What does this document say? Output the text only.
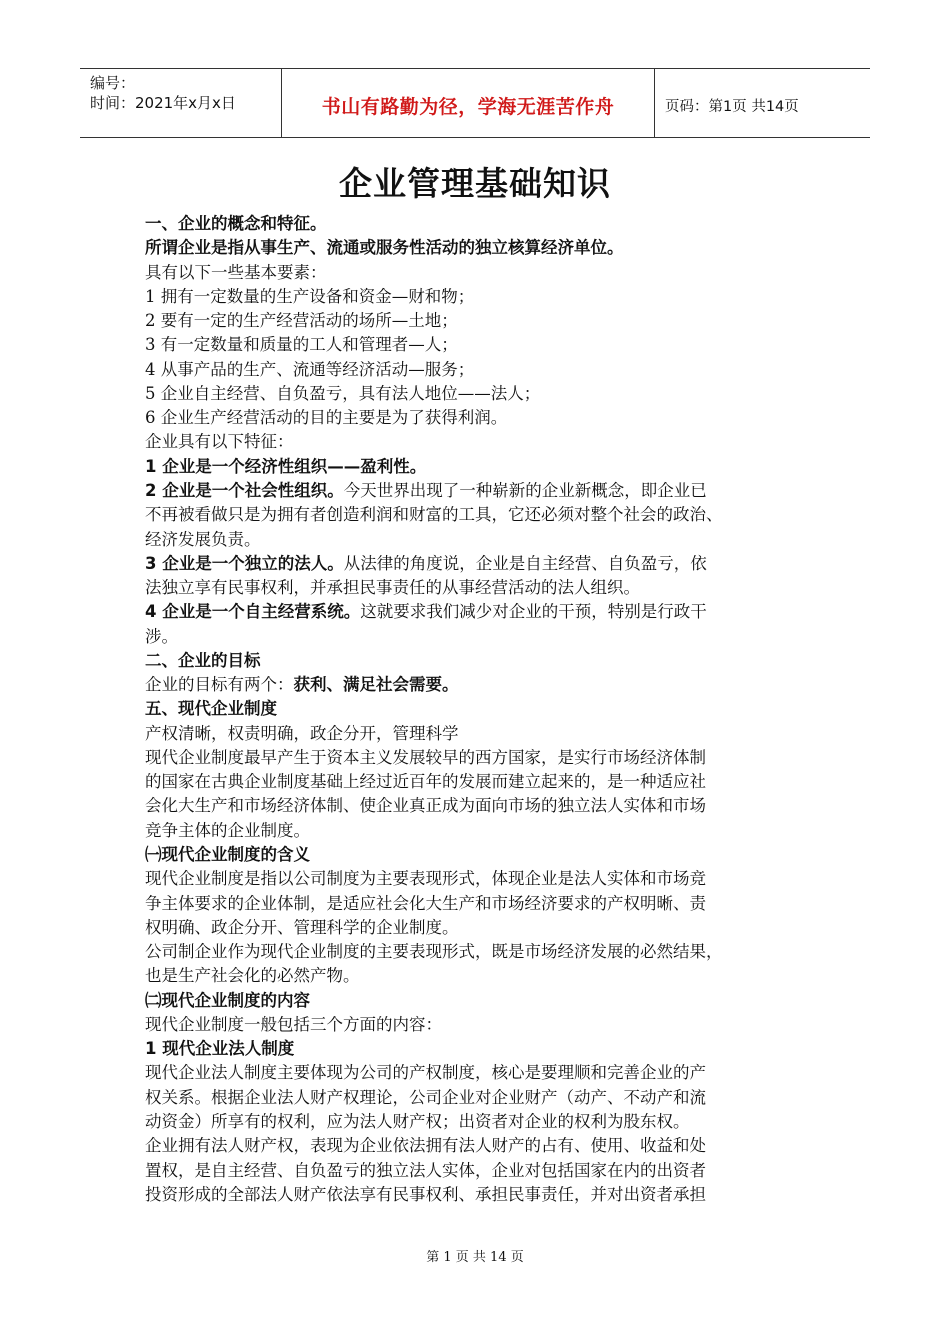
编号：
时间：2021年x月x日	书山有路勤为径，学海无涯苦作舟	页码：第1页 共14页
企业管理基础知识
一、企业的概念和特征。
所谓企业是指从事生产、流通或服务性活动的独立核算经济单位。
具有以下一些基本要素：
1 拥有一定数量的生产设备和资金—财和物；
2 要有一定的生产经营活动的场所—土地；
3 有一定数量和质量的工人和管理者—人；
4 从事产品的生产、流通等经济活动—服务；
5 企业自主经营、自负盈亏，具有法人地位——法人；
6 企业生产经营活动的目的主要是为了获得利润。
企业具有以下特征：
1 企业是一个经济性组织——盈利性。
2 企业是一个社会性组织。今天世界出现了一种崭新的企业新概念，即企业已
不再被看做只是为拥有者创造利润和财富的工具，它还必须对整个社会的政治、
经济发展负责。
3 企业是一个独立的法人。从法律的角度说，企业是自主经营、自负盈亏，依
法独立享有民事权利，并承担民事责任的从事经营活动的法人组织。
4 企业是一个自主经营系统。这就要求我们减少对企业的干预，特别是行政干
涉。
二、企业的目标
企业的目标有两个：获利、满足社会需要。
五、现代企业制度
产权清晰，权责明确，政企分开，管理科学
现代企业制度最早产生于资本主义发展较早的西方国家，是实行市场经济体制
的国家在古典企业制度基础上经过近百年的发展而建立起来的，是一种适应社
会化大生产和市场经济体制、使企业真正成为面向市场的独立法人实体和市场
竞争主体的企业制度。
㈠现代企业制度的含义
现代企业制度是指以公司制度为主要表现形式，体现企业是法人实体和市场竞
争主体要求的企业体制，是适应社会化大生产和市场经济要求的产权明晰、责
权明确、政企分开、管理科学的企业制度。
公司制企业作为现代企业制度的主要表现形式，既是市场经济发展的必然结果，
也是生产社会化的必然产物。
㈡现代企业制度的内容
现代企业制度一般包括三个方面的内容：
1 现代企业法人制度
现代企业法人制度主要体现为公司的产权制度，核心是要理顺和完善企业的产
权关系。根据企业法人财产权理论，公司企业对企业财产（动产、不动产和流
动资金）所享有的权利，应为法人财产权；出资者对企业的权利为股东权。
企业拥有法人财产权，表现为企业依法拥有法人财产的占有、使用、收益和处
置权，是自主经营、自负盈亏的独立法人实体，企业对包括国家在内的出资者
投资形成的全部法人财产依法享有民事权利、承担民事责任，并对出资者承担
第 1 页 共 14 页
